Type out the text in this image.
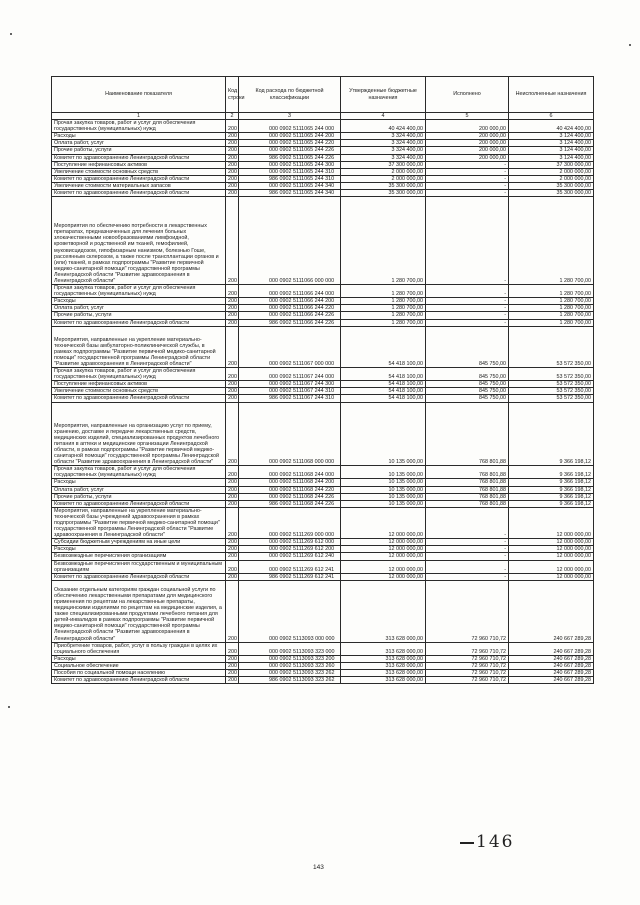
Наименование показателя	Код строки	Код расхода по бюджетной классификации	Утвержденные бюджетные назначения	Исполнено	Неисполненные назначения
1	2	3	4	5	6
Прочая закупка товаров, работ и услуг для обеспечения государственных (муниципальных) нужд	200	000 0902 5111065 244 000	40 424 400,00	200 000,00	40 424 400,00
Расходы	200	000 0902 5111065 244 200	3 324 400,00	200 000,00	3 124 400,00
Оплата работ, услуг	200	000 0902 5111065 244 220	3 324 400,00	200 000,00	3 124 400,00
Прочие работы, услуги	200	000 0902 5111065 244 226	3 324 400,00	200 000,00	3 124 400,00
Комитет по здравоохранению Ленинградской области	200	986 0902 5111065 244 226	3 324 400,00	200 000,00	3 124 400,00
Поступление нефинансовых активов	200	000 0902 5111065 244 300	37 300 000,00	-	37 300 000,00
Увеличение стоимости основных средств	200	000 0902 5111065 244 310	2 000 000,00	-	2 000 000,00
Комитет по здравоохранению Ленинградской области	200	986 0902 5111065 244 310	2 000 000,00	-	2 000 000,00
Увеличение стоимости материальных запасов	200	000 0902 5111065 244 340	35 300 000,00	-	35 300 000,00
Комитет по здравоохранению Ленинградской области	200	986 0902 5111065 244 340	35 300 000,00	-	35 300 000,00
Мероприятия по обеспечению потребности в лекарственных препаратах, предназначенных для лечения больных злокачественными новообразованиями лимфоидной, кроветворной и родственной им тканей, гемофилией, муковисцидозом, гипофизарным нанизмом, болезнью Гоше, рассеянным склерозом, а также после трансплантации органов и (или) тканей, в рамках подпрограммы "Развитие первичной медико-санитарной помощи" государственной программы Ленинградской области "Развитие здравоохранения в Ленинградской области"	200	000 0902 5111066 000 000	1 280 700,00	-	1 280 700,00
Прочая закупка товаров, работ и услуг для обеспечения государственных (муниципальных) нужд	200	000 0902 5111066 244 000	1 280 700,00	-	1 280 700,00
Расходы	200	000 0902 5111066 244 200	1 280 700,00	-	1 280 700,00
Оплата работ, услуг	200	000 0902 5111066 244 220	1 280 700,00	-	1 280 700,00
Прочие работы, услуги	200	000 0902 5111066 244 226	1 280 700,00	-	1 280 700,00
Комитет по здравоохранению Ленинградской области	200	986 0902 5111066 244 226	1 280 700,00	-	1 280 700,00
Мероприятия, направленные на укрепление материально-технической базы амбулаторно-поликлинической службы, в рамках подпрограммы "Развитие первичной медико-санитарной помощи" государственной программы Ленинградской области "Развитие здравоохранения в Ленинградской области"	200	000 0902 5111067 000 000	54 418 100,00	845 750,00	53 572 350,00
Прочая закупка товаров, работ и услуг для обеспечения государственных (муниципальных) нужд	200	000 0902 5111067 244 000	54 418 100,00	845 750,00	53 572 350,00
Поступление нефинансовых активов	200	000 0902 5111067 244 300	54 418 100,00	845 750,00	53 572 350,00
Увеличение стоимости основных средств	200	000 0902 5111067 244 310	54 418 100,00	845 750,00	53 572 350,00
Комитет по здравоохранению Ленинградской области	200	986 0902 5111067 244 310	54 418 100,00	845 750,00	53 572 350,00
Мероприятия, направленные на организацию услуг по приему, хранению, доставке и передаче лекарственных средств, медицинских изделий, специализированных продуктов лечебного питания в аптеки и медицинские организации Ленинградской области, в рамках подпрограммы "Развитие первичной медико-санитарной помощи" государственной программы Ленинградской области "Развитие здравоохранения в Ленинградской области"	200	000 0902 5111068 000 000	10 135 000,00	768 801,88	9 366 198,12
Прочая закупка товаров, работ и услуг для обеспечения государственных (муниципальных) нужд	200	000 0902 5111068 244 000	10 135 000,00	768 801,88	9 366 198,12
Расходы	200	000 0902 5111068 244 200	10 135 000,00	768 801,88	9 366 198,12
Оплата работ, услуг	200	000 0902 5111068 244 220	10 135 000,00	768 801,88	9 366 198,12
Прочие работы, услуги	200	000 0902 5111068 244 226	10 135 000,00	768 801,88	9 366 198,12
Комитет по здравоохранению Ленинградской области	200	986 0902 5111068 244 226	10 135 000,00	768 801,88	9 366 198,12
Мероприятия, направленные на укрепление материально-технической базы учреждений здравоохранения в рамках подпрограммы "Развитие первичной медико-санитарной помощи" государственной программы Ленинградской области "Развитие здравоохранения в Ленинградской области"	200	000 0902 5111269 000 000	12 000 000,00	-	12 000 000,00
Субсидии бюджетным учреждениям на иные цели	200	000 0902 5111269 612 000	12 000 000,00	-	12 000 000,00
Расходы	200	000 0902 5111269 612 200	12 000 000,00	-	12 000 000,00
Безвозмездные перечисления организациям	200	000 0902 5111269 612 240	12 000 000,00	-	12 000 000,00
Безвозмездные перечисления государственным и муниципальным организациям	200	000 0902 5111269 612 241	12 000 000,00	-	12 000 000,00
Комитет по здравоохранению Ленинградской области	200	986 0902 5111269 612 241	12 000 000,00	-	12 000 000,00
Оказание отдельным категориям граждан социальной услуги по обеспечению лекарственными препаратами для медицинского применения по рецептам на лекарственные препараты, медицинскими изделиями по рецептам на медицинские изделия, а также специализированными продуктами лечебного питания для детей-инвалидов в рамках подпрограммы "Развитие первичной медико-санитарной помощи" государственной программы Ленинградской области "Развитие здравоохранения в Ленинградской области"	200	000 0902 5113093 000 000	313 628 000,00	72 960 710,72	240 667 289,28
Приобретение товаров, работ, услуг в пользу граждан в целях их социального обеспечения	200	000 0902 5113093 323 000	313 628 000,00	72 960 710,72	240 667 289,28
Расходы	200	000 0902 5113093 323 200	313 628 000,00	72 960 710,72	240 667 289,28
Социальное обеспечение	200	000 0902 5113093 323 260	313 628 000,00	72 960 710,72	240 667 289,28
Пособия по социальной помощи населению	200	000 0902 5113093 323 262	313 628 000,00	72 960 710,72	240 667 289,28
Комитет по здравоохранению Ленинградской области	200	986 0902 5113093 323 262	313 628 000,00	72 960 710,72	240 667 289,28
146
143
